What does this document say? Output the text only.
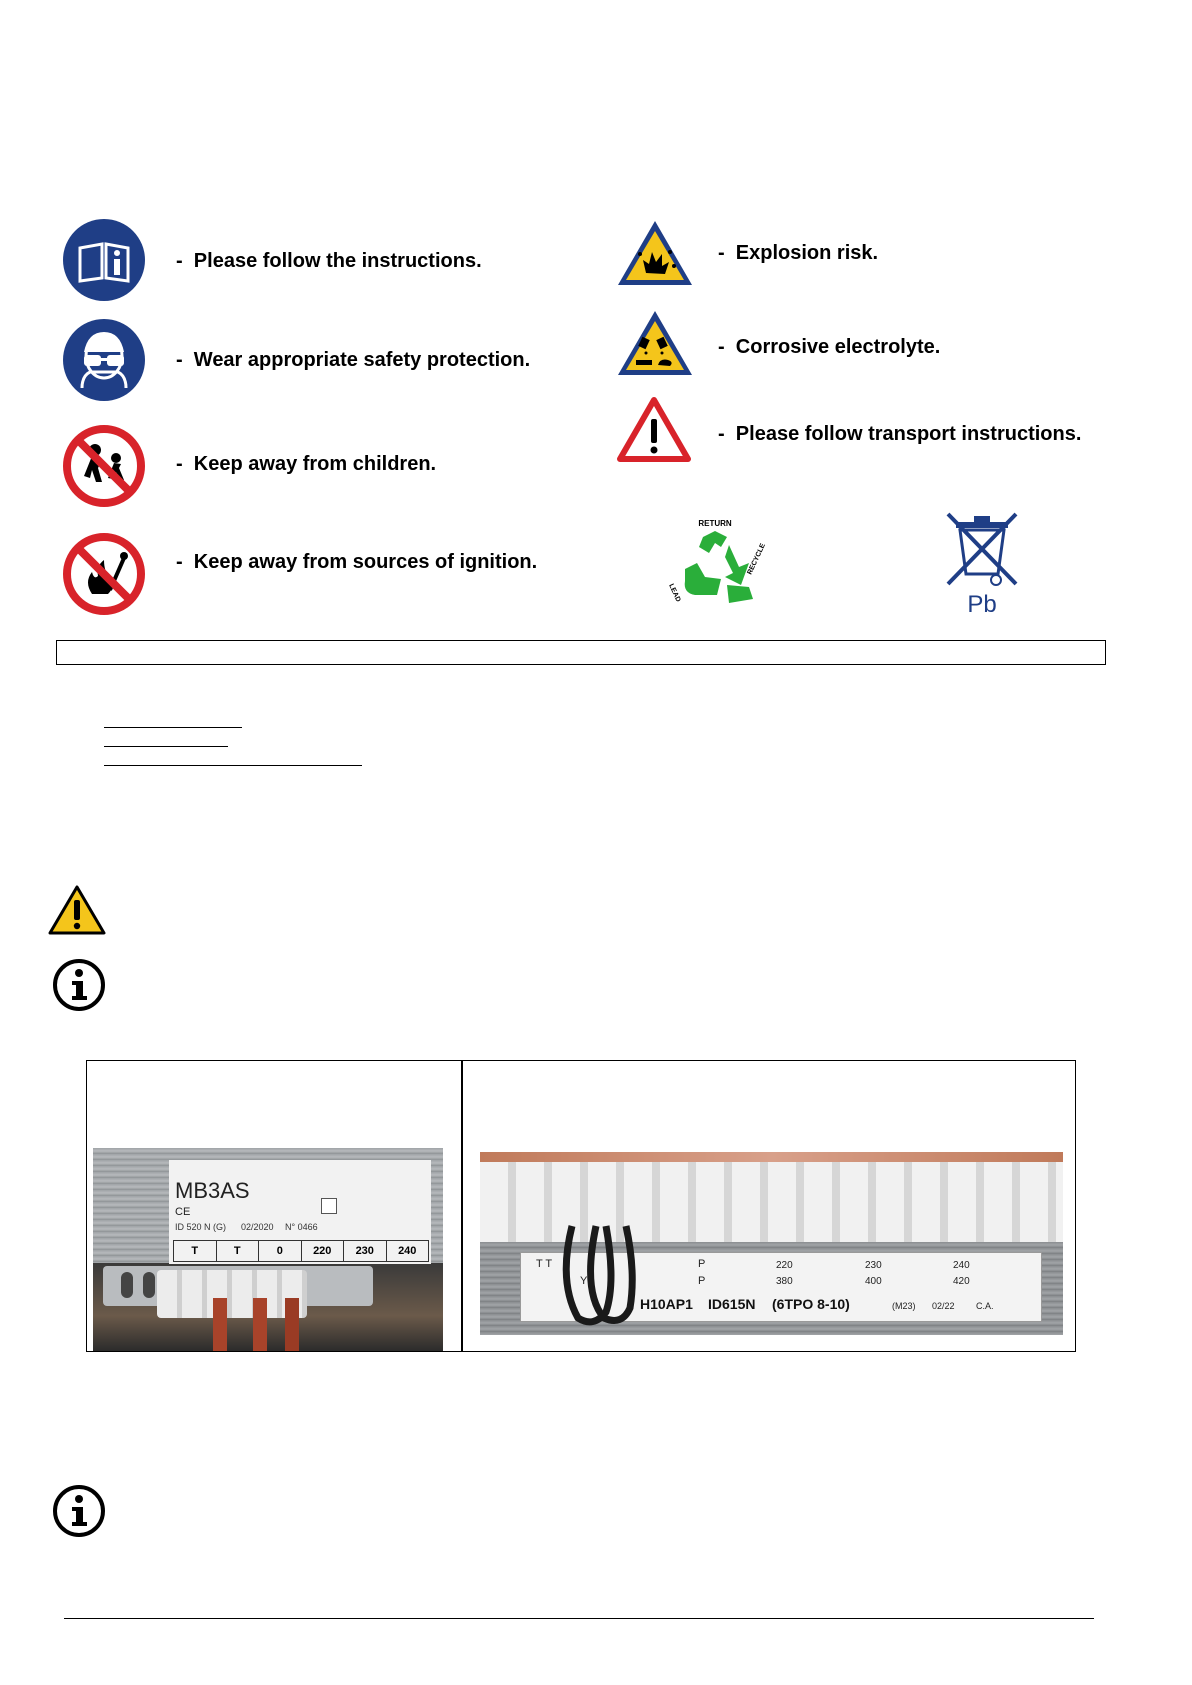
- Please follow the instructions.
- Wear appropriate safety protection.
- Keep away from children.
- Keep away from sources of ignition.
- Explosion risk.
- Corrosive electrolyte.
- Please follow transport instructions.
RETURN
LEAD
RECYCLE
Pb
MB3AS
CE
ID 520 N (G) 02/2020 N° 0466
T	T	0	220	230	240
T T	P	220	230	240
Y	P	380	400	420
H10AP1 ID615N (6TPO 8-10)	(M23) 02/22 C.A.
